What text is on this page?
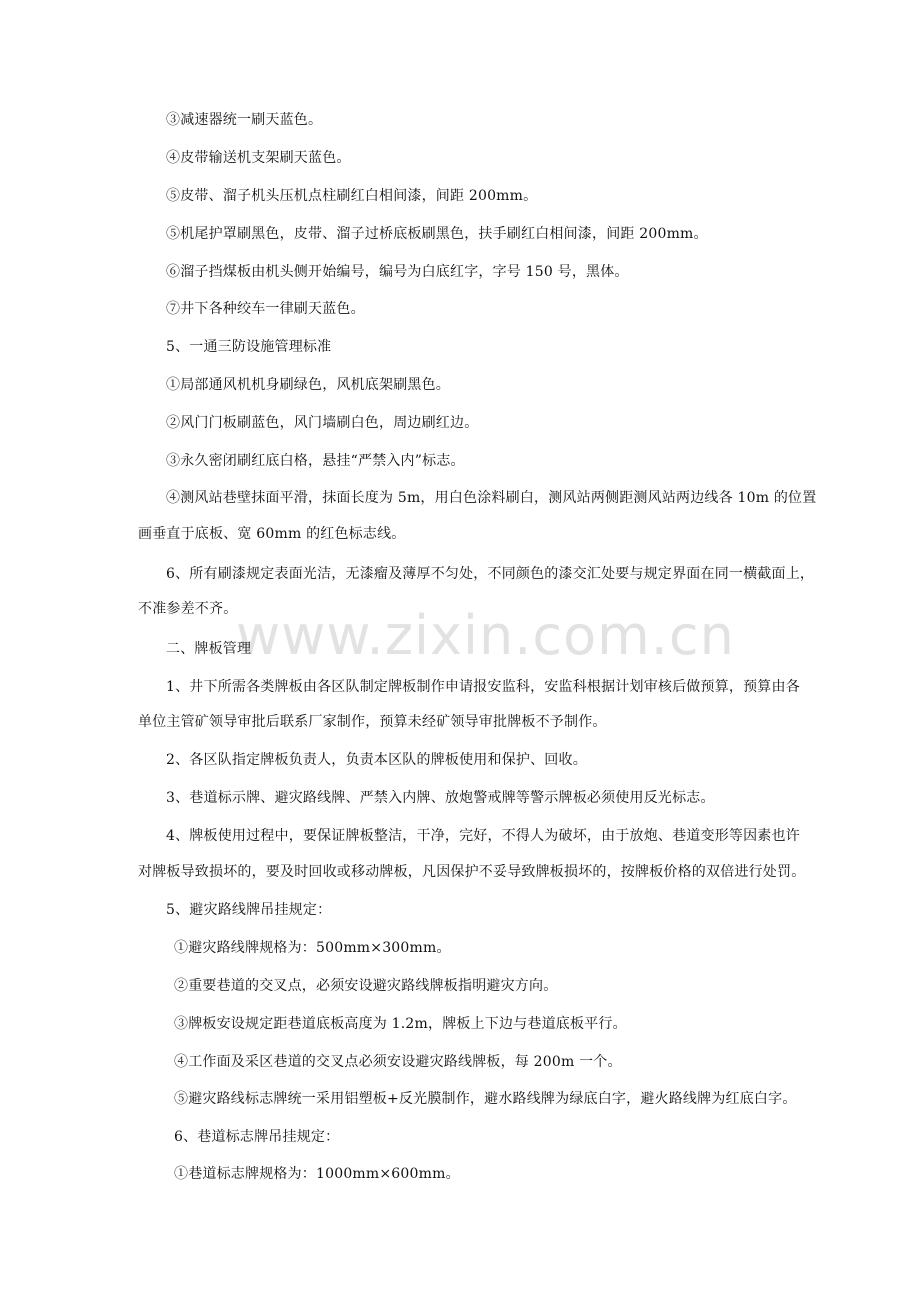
www.zixin.com.cn
③减速器统一刷天蓝色。
④皮带输送机支架刷天蓝色。
⑤皮带、溜子机头压机点柱刷红白相间漆，间距 200mm。
⑤机尾护罩刷黑色，皮带、溜子过桥底板刷黑色，扶手刷红白相间漆，间距 200mm。
⑥溜子挡煤板由机头侧开始编号，编号为白底红字，字号 150 号，黑体。
⑦井下各种绞车一律刷天蓝色。
5、一通三防设施管理标准
①局部通风机机身刷绿色，风机底架刷黑色。
②风门门板刷蓝色，风门墙刷白色，周边刷红边。
③永久密闭刷红底白格，悬挂“严禁入内”标志。
④测风站巷壁抹面平滑，抹面长度为 5m，用白色涂料刷白，测风站两侧距测风站两边线各 10m 的位置
画垂直于底板、宽 60mm 的红色标志线。
6、所有刷漆规定表面光洁，无漆瘤及薄厚不匀处，不同颜色的漆交汇处要与规定界面在同一横截面上，
不准参差不齐。
二、牌板管理
1、井下所需各类牌板由各区队制定牌板制作申请报安监科，安监科根据计划审核后做预算，预算由各
单位主管矿领导审批后联系厂家制作，预算未经矿领导审批牌板不予制作。
2、各区队指定牌板负责人，负责本区队的牌板使用和保护、回收。
3、巷道标示牌、避灾路线牌、严禁入内牌、放炮警戒牌等警示牌板必须使用反光标志。
4、牌板使用过程中，要保证牌板整洁，干净，完好，不得人为破坏，由于放炮、巷道变形等因素也许
对牌板导致损坏的，要及时回收或移动牌板，凡因保护不妥导致牌板损坏的，按牌板价格的双倍进行处罚。
5、避灾路线牌吊挂规定：
①避灾路线牌规格为：500mm×300mm。
②重要巷道的交叉点，必须安设避灾路线牌板指明避灾方向。
③牌板安设规定距巷道底板高度为 1.2m，牌板上下边与巷道底板平行。
④工作面及采区巷道的交叉点必须安设避灾路线牌板，每 200m 一个。
⑤避灾路线标志牌统一采用铝塑板+反光膜制作，避水路线牌为绿底白字，避火路线牌为红底白字。
6、巷道标志牌吊挂规定：
①巷道标志牌规格为：1000mm×600mm。
